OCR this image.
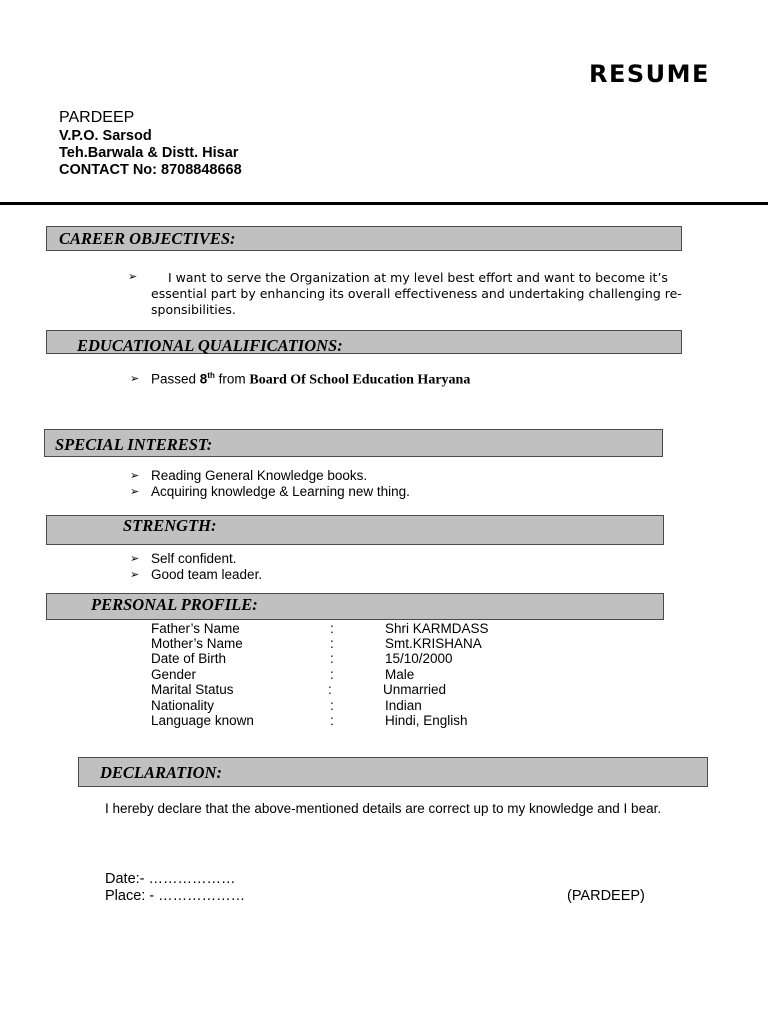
RESUME
PARDEEP
V.P.O. Sarsod
Teh.Barwala & Distt. Hisar
CONTACT No: 8708848668
CAREER OBJECTIVES:
➢	I want to serve the Organization at my level best effort and want to become it’s essential part by enhancing its overall effectiveness and undertaking challenging re- sponsibilities.
EDUCATIONAL QUALIFICATIONS:
➢ Passed 8th from Board Of School Education Haryana
SPECIAL INTEREST:
➢ Reading General Knowledge books.
➢ Acquiring knowledge & Learning new thing.
STRENGTH:
➢ Self confident.
➢ Good team leader.
PERSONAL PROFILE:
Father’s Name	:	Shri KARMDASS
Mother’s Name	:	Smt.KRISHANA
Date of Birth	:	15/10/2000
Gender	:	Male
Marital Status	:	Unmarried
Nationality	:	Indian
Language known	:	Hindi, English
DECLARATION:
I hereby declare that the above-mentioned details are correct up to my knowledge and I bear.
Date:- ………………
Place: - ………………	(PARDEEP)
